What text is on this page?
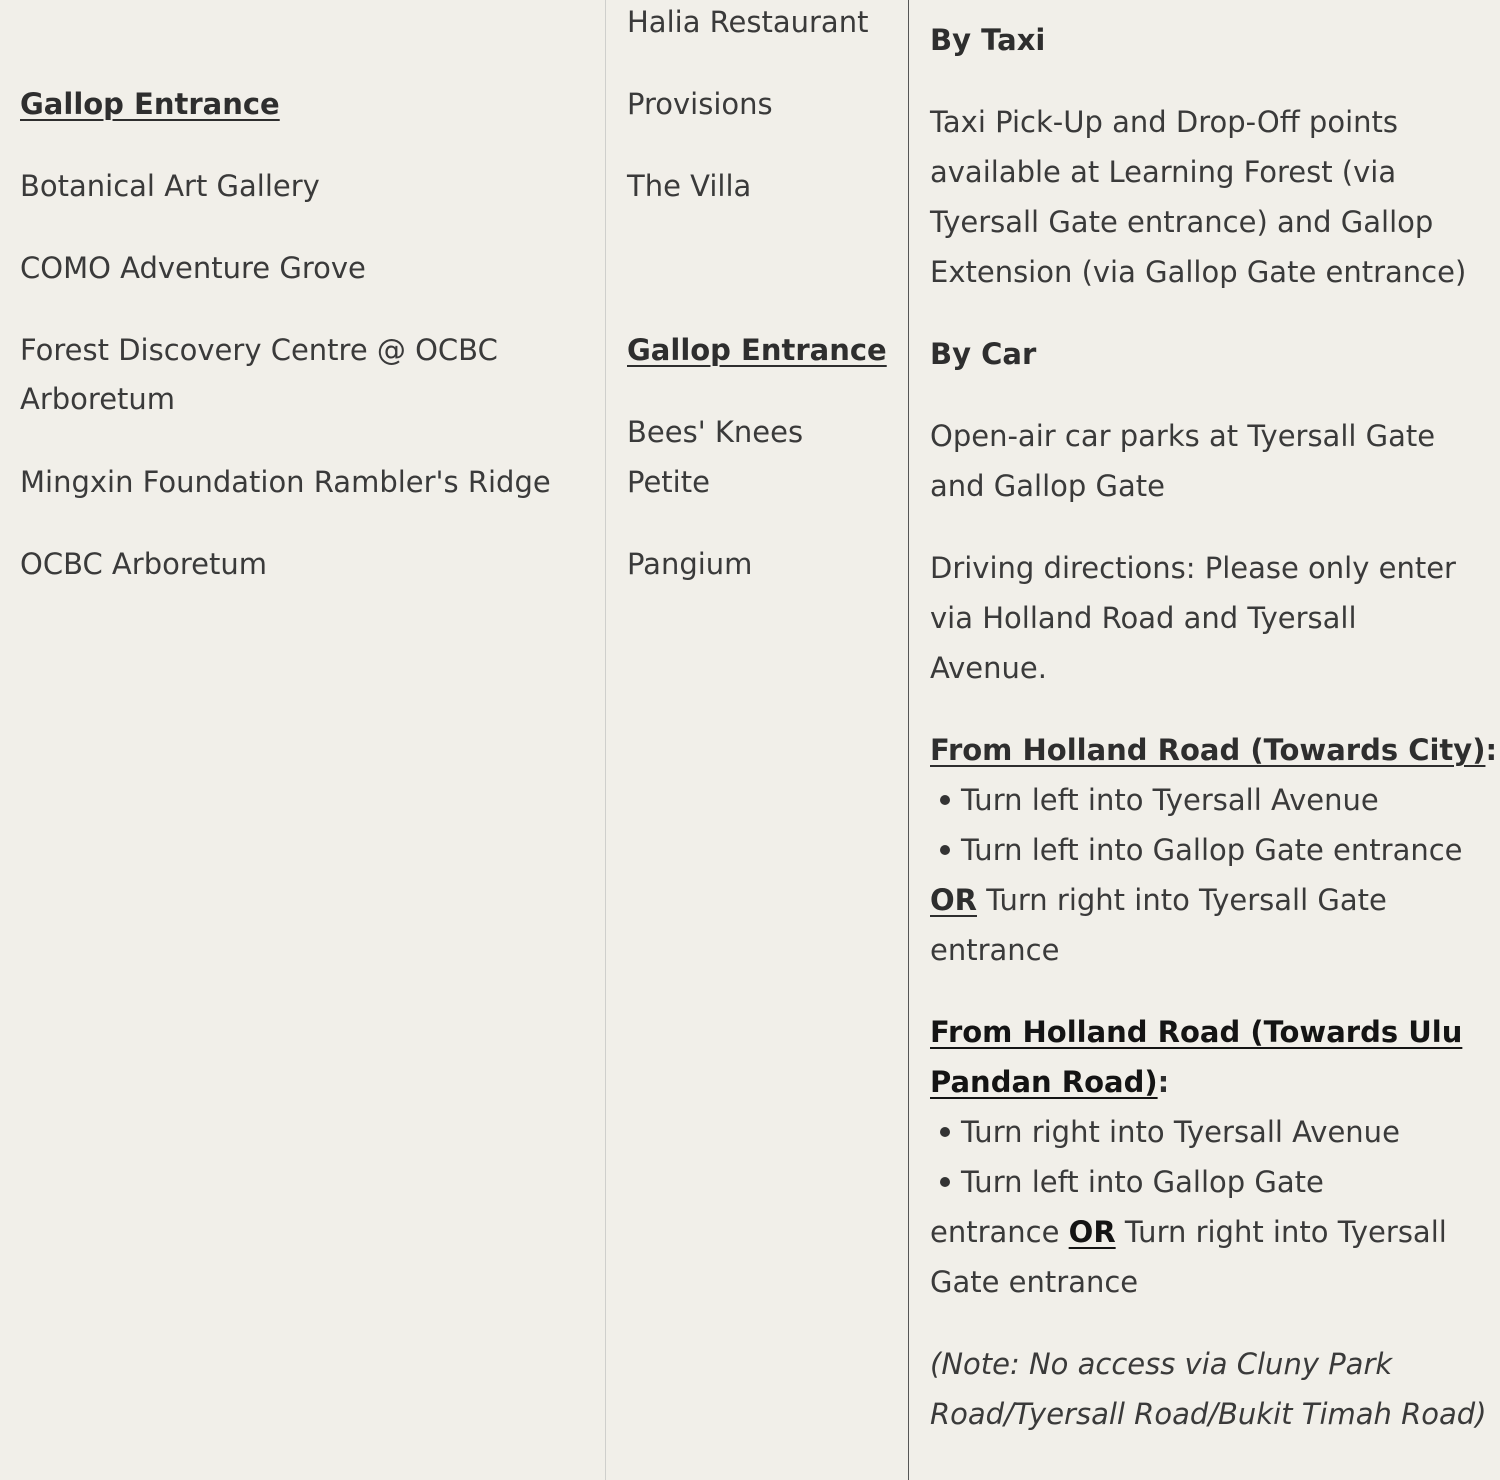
Gallop Entrance

Botanical Art Gallery

COMO Adventure Grove

Forest Discovery Centre @ OCBC

Arboretum

Mingxin Foundation Rambler's Ridge

OCBC Arboretum

Halia Restaurant

Provisions

The Villa

Gallop Entrance

Bees' Knees

Petite

Pangium

By Taxi

Taxi Pick-Up and Drop-Off points

available at Learning Forest (via

Tyersall Gate entrance) and Gallop

Extension (via Gallop Gate entrance)

By Car

Open-air car parks at Tyersall Gate

and Gallop Gate

Driving directions: Please only enter

via Holland Road and Tyersall

Avenue.

From Holland Road (Towards City):

Turn left into Tyersall Avenue

Turn left into Gallop Gate entrance

OR Turn right into Tyersall Gate

entrance

From Holland Road (Towards Ulu

Pandan Road):

Turn right into Tyersall Avenue

Turn left into Gallop Gate

entrance OR Turn right into Tyersall

Gate entrance

(Note: No access via Cluny Park

Road/Tyersall Road/Bukit Timah Road)
